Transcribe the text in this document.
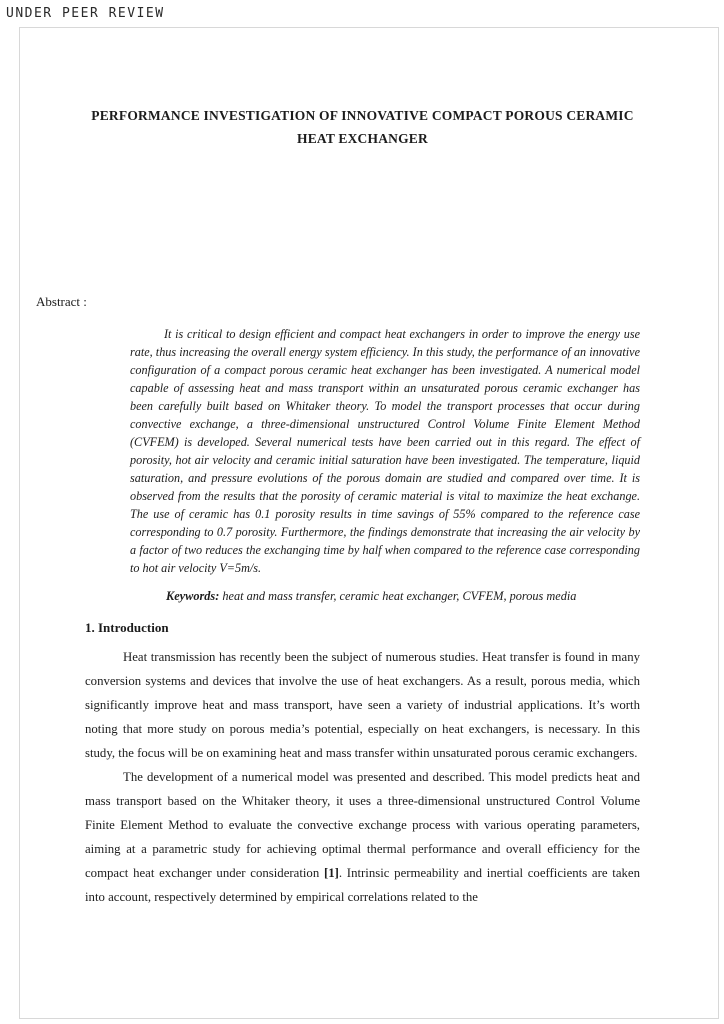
UNDER PEER REVIEW
PERFORMANCE INVESTIGATION OF INNOVATIVE COMPACT POROUS CERAMIC
HEAT EXCHANGER
Abstract :

It is critical to design efficient and compact heat exchangers in order to improve the energy use rate, thus increasing the overall energy system efficiency. In this study, the performance of an innovative configuration of a compact porous ceramic heat exchanger has been investigated. A numerical model capable of assessing heat and mass transport within an unsaturated porous ceramic exchanger has been carefully built based on Whitaker theory. To model the transport processes that occur during convective exchange, a three-dimensional unstructured Control Volume Finite Element Method (CVFEM) is developed. Several numerical tests have been carried out in this regard. The effect of porosity, hot air velocity and ceramic initial saturation have been investigated. The temperature, liquid saturation, and pressure evolutions of the porous domain are studied and compared over time. It is observed from the results that the porosity of ceramic material is vital to maximize the heat exchange. The use of ceramic has 0.1 porosity results in time savings of 55% compared to the reference case corresponding to 0.7 porosity. Furthermore, the findings demonstrate that increasing the air velocity by a factor of two reduces the exchanging time by half when compared to the reference case corresponding to hot air velocity V=5m/s.

Keywords: heat and mass transfer, ceramic heat exchanger, CVFEM, porous media

1. Introduction

Heat transmission has recently been the subject of numerous studies. Heat transfer is found in many conversion systems and devices that involve the use of heat exchangers. As a result, porous media, which significantly improve heat and mass transport, have seen a variety of industrial applications. It’s worth noting that more study on porous media’s potential, especially on heat exchangers, is necessary. In this study, the focus will be on examining heat and mass transfer within unsaturated porous ceramic exchangers.

The development of a numerical model was presented and described. This model predicts heat and mass transport based on the Whitaker theory, it uses a three-dimensional unstructured Control Volume Finite Element Method to evaluate the convective exchange process with various operating parameters, aiming at a parametric study for achieving optimal thermal performance and overall efficiency for the compact heat exchanger under consideration [1]. Intrinsic permeability and inertial coefficients are taken into account, respectively determined by empirical correlations related to the
